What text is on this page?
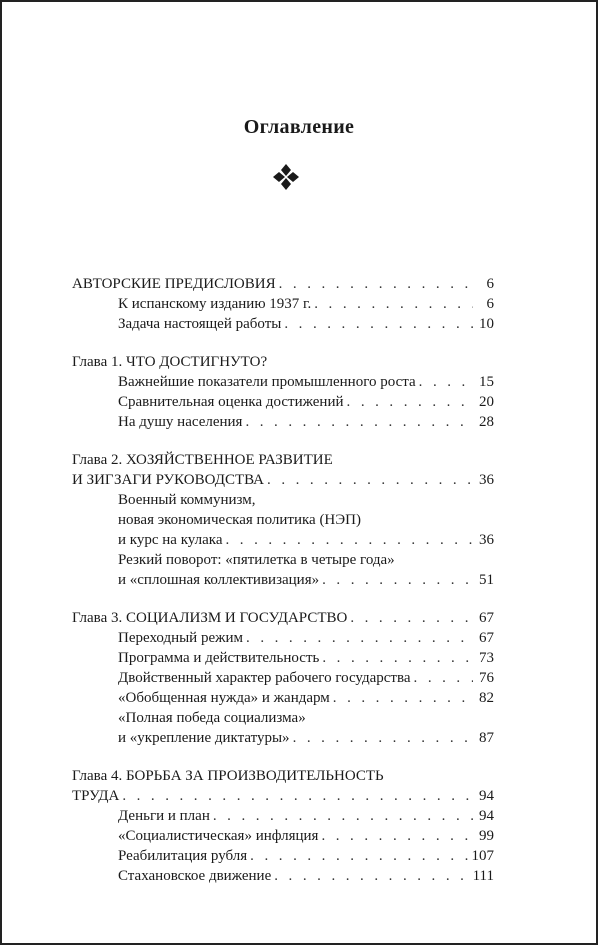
Оглавление
АВТОРСКИЕ ПРЕДИСЛОВИЯ . . .	6
К испанскому изданию 1937 г. . . .	6
Задача настоящей работы . . .	10
Глава 1. ЧТО ДОСТИГНУТО?
Важнейшие показатели промышленного роста . . .	15
Сравнительная оценка достижений . . .	20
На душу населения . . .	28
Глава 2. ХОЗЯЙСТВЕННОЕ РАЗВИТИЕ
И ЗИГЗАГИ РУКОВОДСТВА . . .	36
Военный коммунизм,
новая экономическая политика (НЭП)
и курс на кулака . . .	36
Резкий поворот: «пятилетка в четыре года»
и «сплошная коллективизация» . . .	51
Глава 3. СОЦИАЛИЗМ И ГОСУДАРСТВО . . .	67
Переходный режим . . .	67
Программа и действительность . . .	73
Двойственный характер рабочего государства . . .	76
«Обобщенная нужда» и жандарм . . .	82
«Полная победа социализма»
и «укрепление диктатуры» . . .	87
Глава 4. БОРЬБА ЗА ПРОИЗВОДИТЕЛЬНОСТЬ
ТРУДА . . .	94
Деньги и план . . .	94
«Социалистическая» инфляция . . .	99
Реабилитация рубля . . .	107
Стахановское движение . . .	111
